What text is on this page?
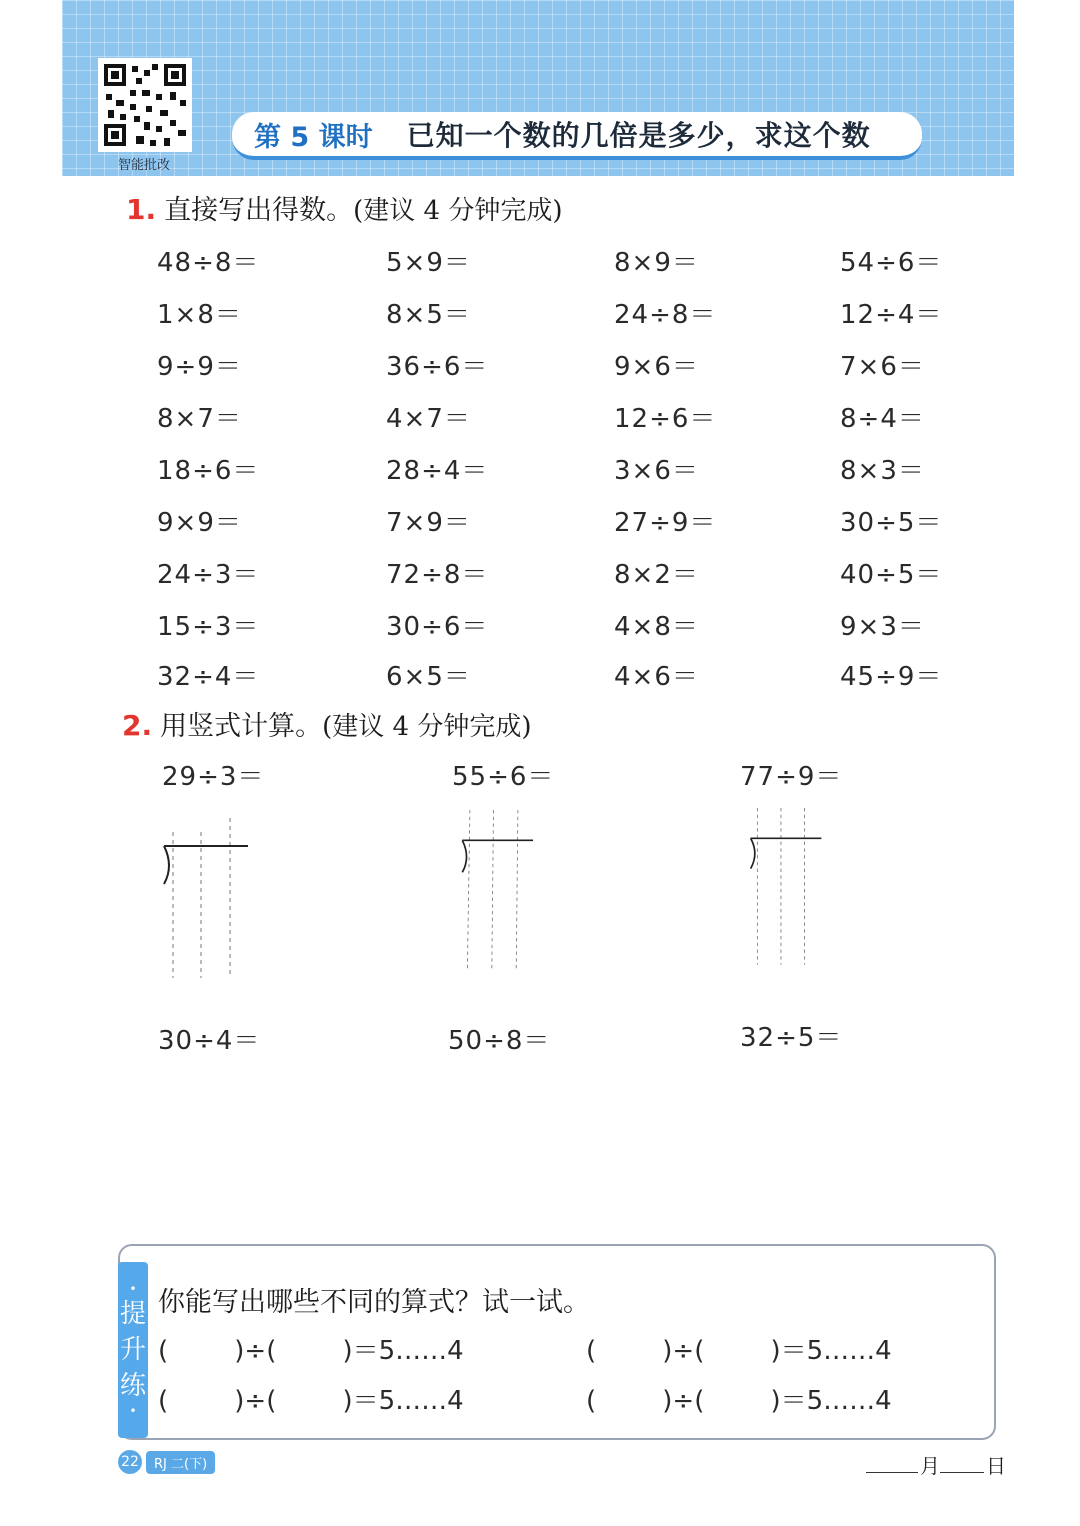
智能批改
第 5 课时 已知一个数的几倍是多少，求这个数
1. 直接写出得数。 (建议 4 分钟完成)
48÷8＝	5×9＝	8×9＝	54÷6＝
1×8＝	8×5＝	24÷8＝	12÷4＝
9÷9＝	36÷6＝	9×6＝	7×6＝
8×7＝	4×7＝	12÷6＝	8÷4＝
18÷6＝	28÷4＝	3×6＝	8×3＝
9×9＝	7×9＝	27÷9＝	30÷5＝
24÷3＝	72÷8＝	8×2＝	40÷5＝
15÷3＝	30÷6＝	4×8＝	9×3＝
32÷4＝	6×5＝	4×6＝	45÷9＝
2. 用竖式计算。 (建议 4 分钟完成)
29÷3＝	55÷6＝	77÷9＝
30÷4＝	50÷8＝	32÷5＝
•
提
升
练
•
你能写出哪些不同的算式？试一试。
(        )÷(        )＝5……4	(        )÷(        )＝5……4
(        )÷(        )＝5……4	(        )÷(        )＝5……4
22	RJ 二(下)	月 日
